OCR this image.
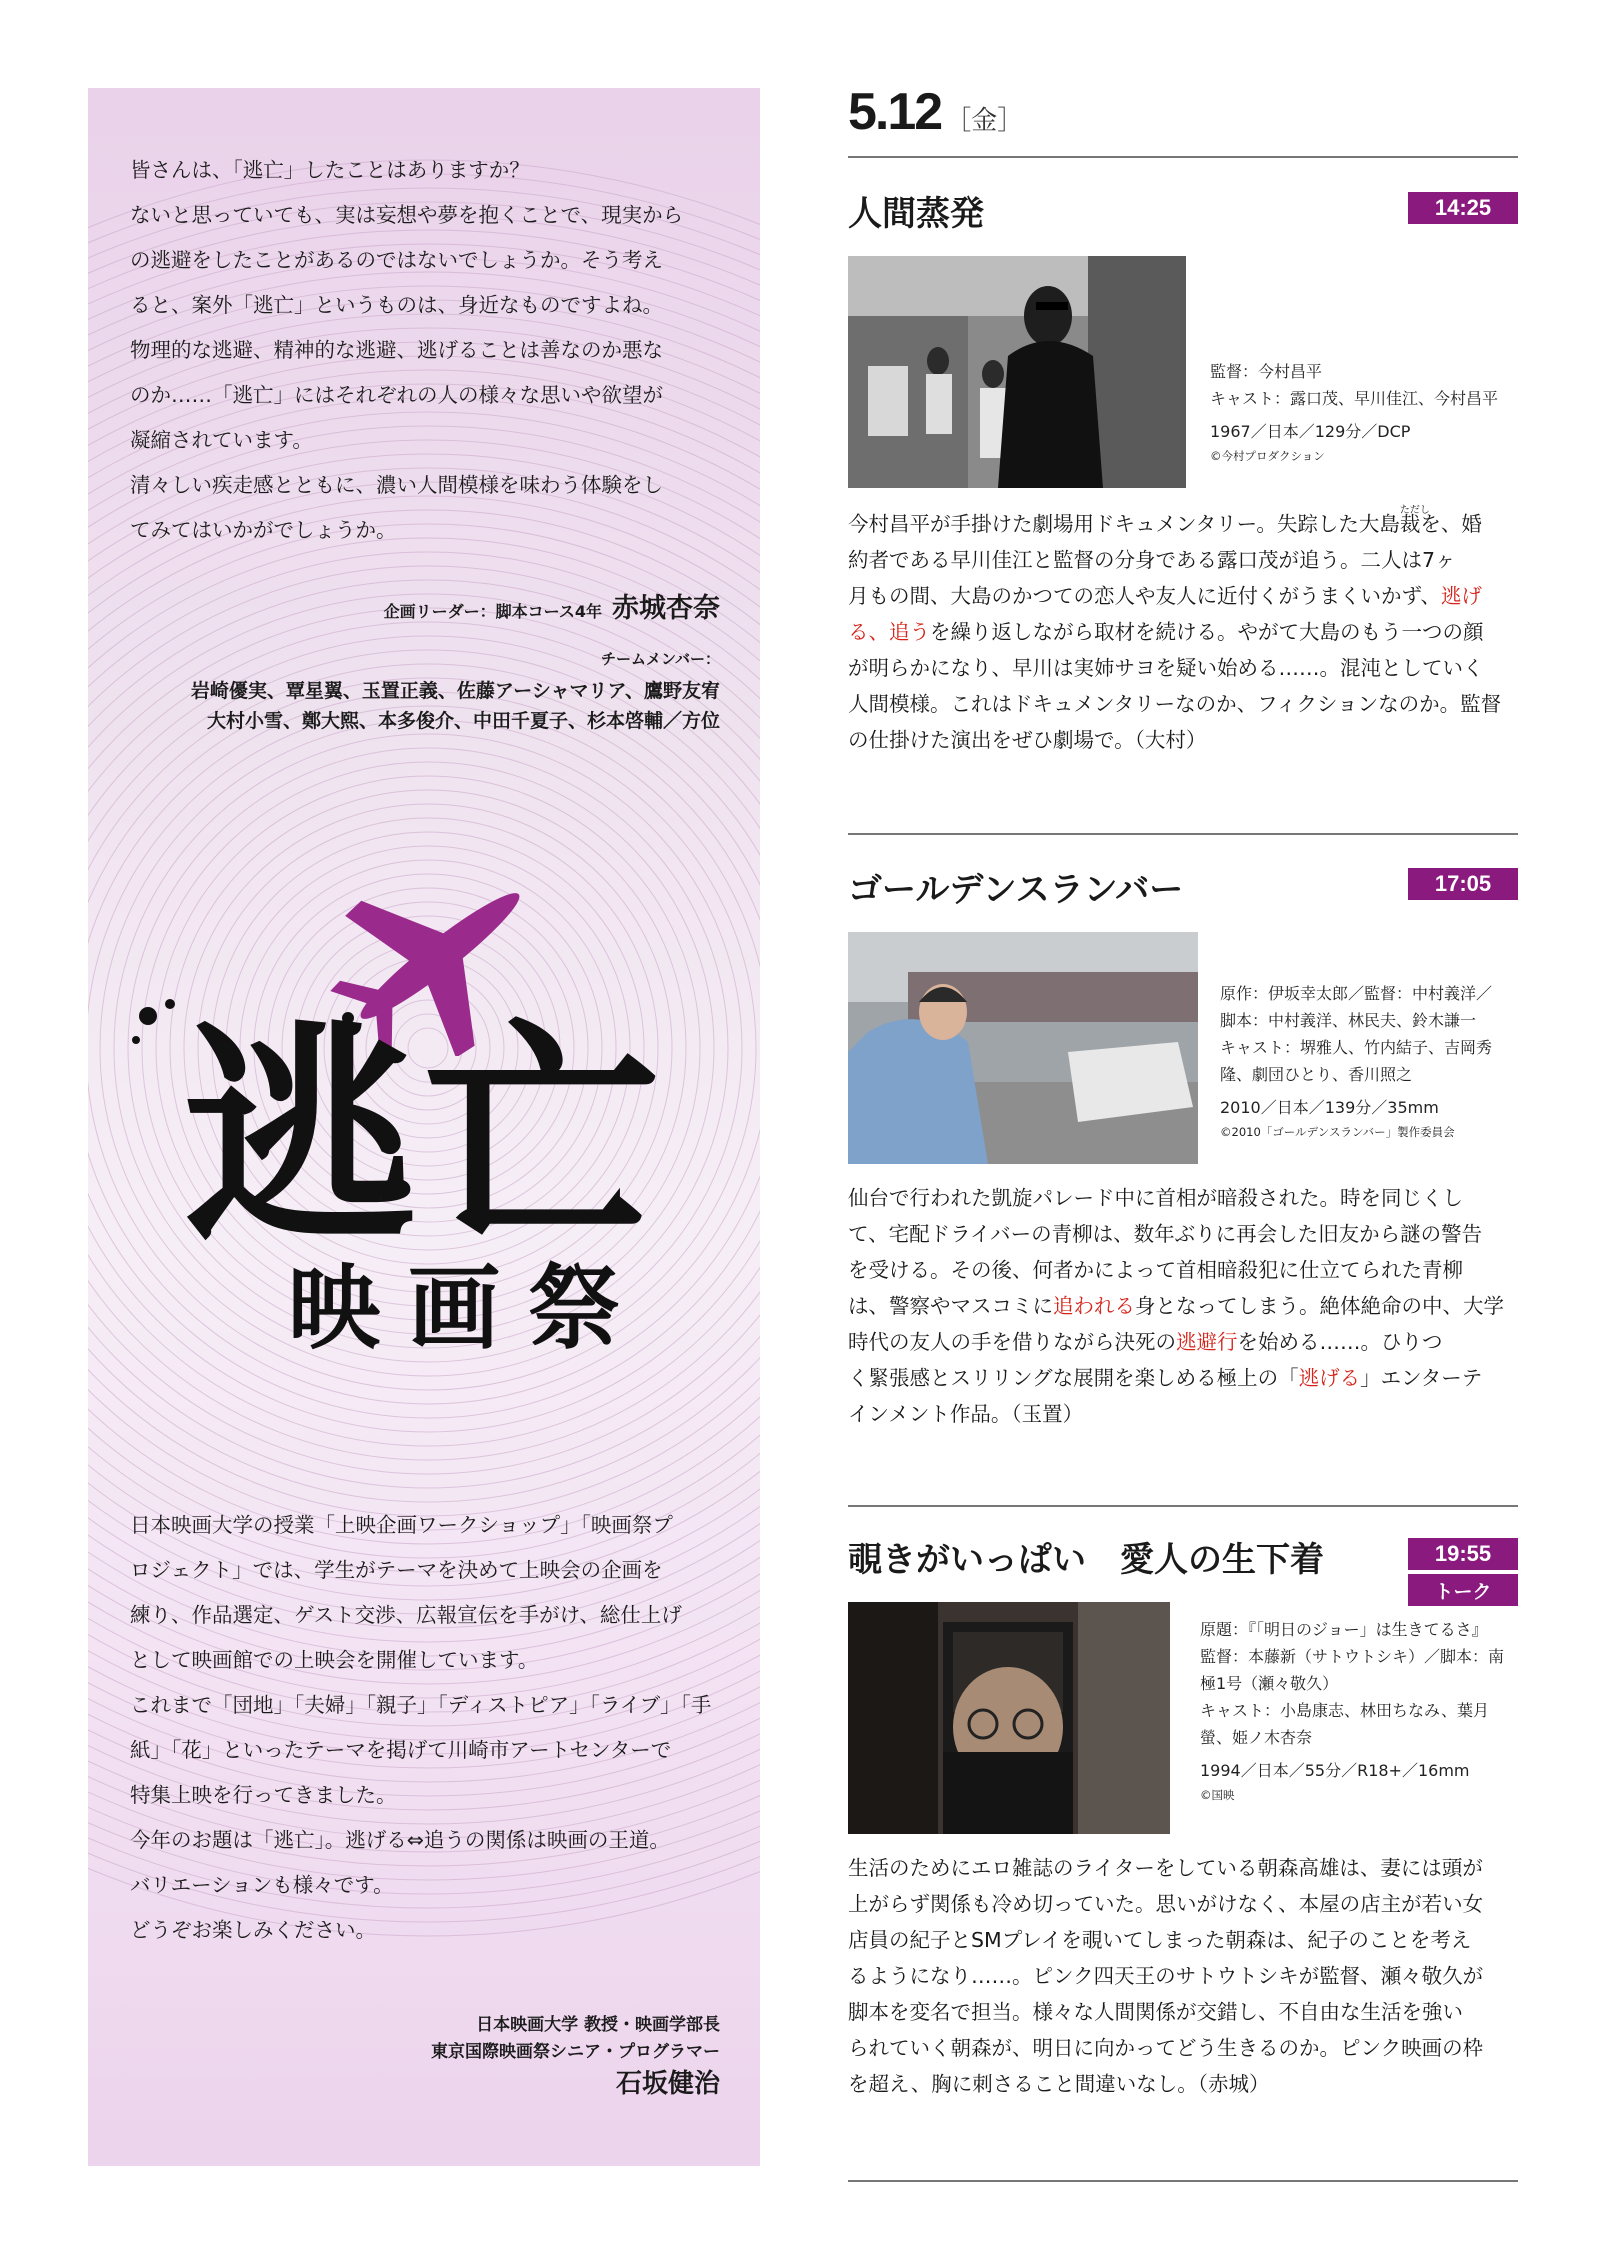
皆さんは、「逃亡」したことはありますか？

ないと思っていても、実は妄想や夢を抱くことで、現実から

の逃避をしたことがあるのではないでしょうか。そう考え

ると、案外「逃亡」というものは、身近なものですよね。

物理的な逃避、精神的な逃避、逃げることは善なのか悪な

のか……「逃亡」にはそれぞれの人の様々な思いや欲望が

凝縮されています。

清々しい疾走感とともに、濃い人間模様を味わう体験をし

てみてはいかがでしょうか。

企画リーダー：脚本コース4年 赤城杏奈
チームメンバー：
岩崎優実、覃星翼、玉置正義、佐藤アーシャマリア、鷹野友宥
大村小雪、鄭大熙、本多俊介、中田千夏子、杉本啓輔／方位
逃亡
映画祭

日本映画大学の授業「上映企画ワークショップ」「映画祭プ

ロジェクト」では、学生がテーマを決めて上映会の企画を

練り、作品選定、ゲスト交渉、広報宣伝を手がけ、総仕上げ

として映画館での上映会を開催しています。

これまで「団地」「夫婦」「親子」「ディストピア」「ライブ」「手

紙」「花」といったテーマを掲げて川崎市アートセンターで

特集上映を行ってきました。

今年のお題は「逃亡」。逃げる⇔追うの関係は映画の王道。

バリエーションも様々です。

どうぞお楽しみください。

日本映画大学 教授・映画学部長
東京国際映画祭シニア・プログラマー
石坂健治
5.12 ［金］
人間蒸発	14:25
監督：今村昌平
キャスト：露口茂、早川佳江、今村昌平
1967／日本／129分／DCP
©今村プロダクション

今村昌平が手掛けた劇場用ドキュメンタリー。失踪した大島
ただし
裁を、婚

約者である早川佳江と監督の分身である露口茂が追う。二人は7ヶ

月もの間、大島のかつての恋人や友人に近付くがうまくいかず、逃げ

る、追うを繰り返しながら取材を続ける。やがて大島のもう一つの顔

が明らかになり、早川は実姉サヨを疑い始める……。混沌としていく

人間模様。これはドキュメンタリーなのか、フィクションなのか。監督

の仕掛けた演出をぜひ劇場で。（大村）

ゴールデンスランバー	17:05
原作：伊坂幸太郎／監督：中村義洋／
脚本：中村義洋、林民夫、鈴木謙一
キャスト：堺雅人、竹内結子、吉岡秀
隆、劇団ひとり、香川照之
2010／日本／139分／35mm
©2010「ゴールデンスランバー」製作委員会

仙台で行われた凱旋パレード中に首相が暗殺された。時を同じくし

て、宅配ドライバーの青柳は、数年ぶりに再会した旧友から謎の警告

を受ける。その後、何者かによって首相暗殺犯に仕立てられた青柳

は、警察やマスコミに追われる身となってしまう。絶体絶命の中、大学

時代の友人の手を借りながら決死の逃避行を始める……。ひりつ

く緊張感とスリリングな展開を楽しめる極上の「逃げる」エンターテ

インメント作品。（玉置）

覗きがいっぱい　愛人の生下着	19:55
トーク
原題：『「明日のジョー」は生きてるさ』
監督：本藤新（サトウトシキ）／脚本：南
極1号（瀬々敬久）
キャスト：小島康志、林田ちなみ、葉月
螢、姫ノ木杏奈
1994／日本／55分／R18+／16mm
©国映

生活のためにエロ雑誌のライターをしている朝森高雄は、妻には頭が

上がらず関係も冷め切っていた。思いがけなく、本屋の店主が若い女

店員の紀子とSMプレイを覗いてしまった朝森は、紀子のことを考え

るようになり……。ピンク四天王のサトウトシキが監督、瀬々敬久が

脚本を変名で担当。様々な人間関係が交錯し、不自由な生活を強い

られていく朝森が、明日に向かってどう生きるのか。ピンク映画の枠

を超え、胸に刺さること間違いなし。（赤城）
